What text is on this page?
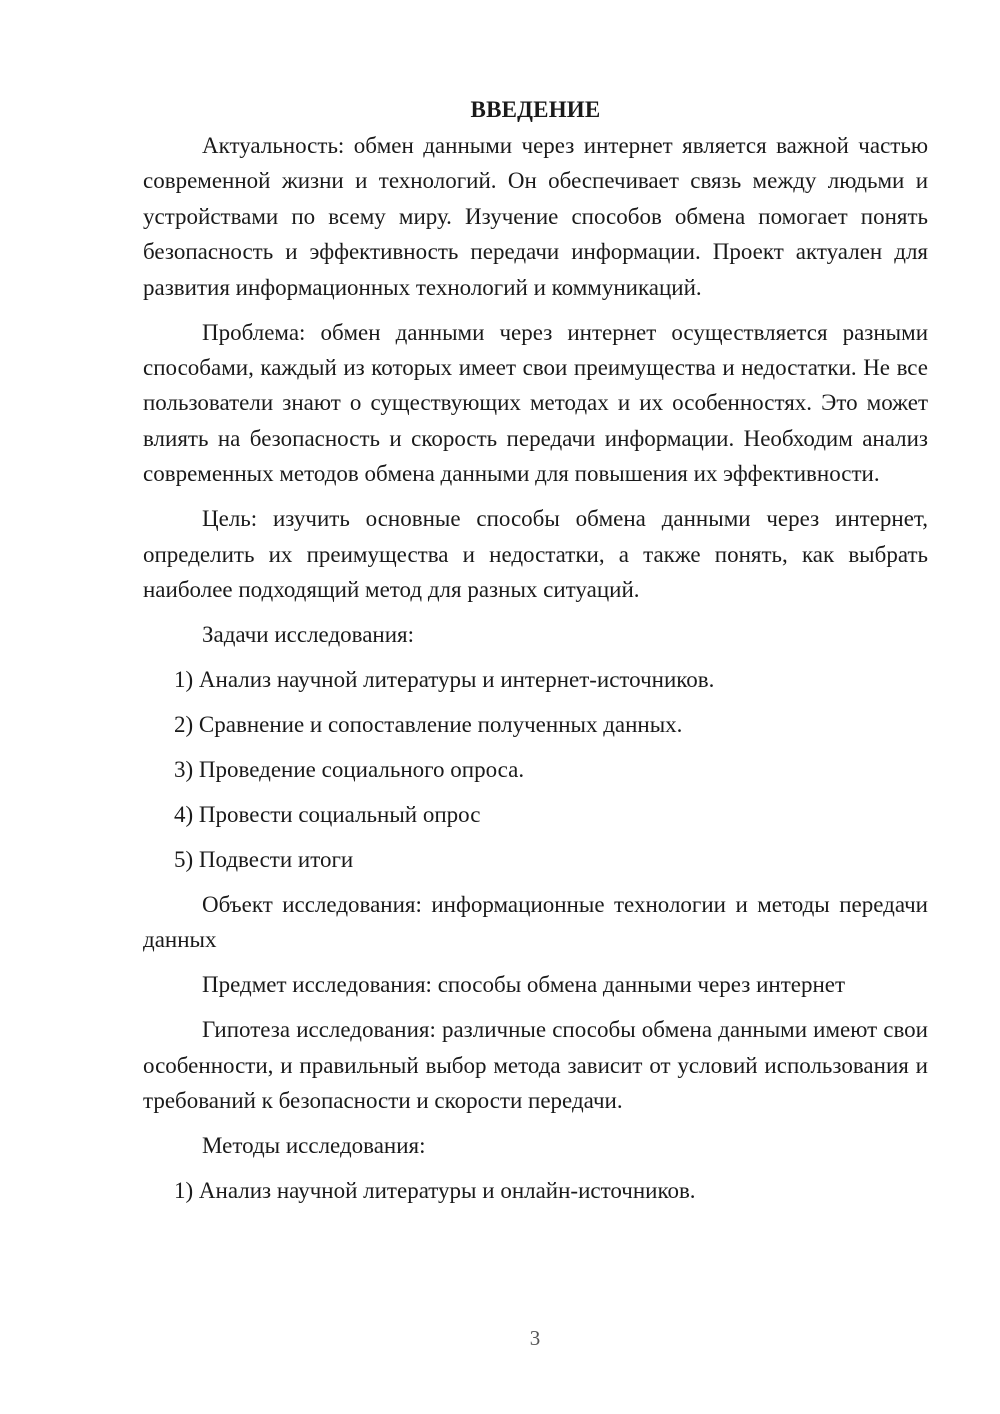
ВВЕДЕНИЕ

Актуальность: обмен данными через интернет является важной частью современной жизни и технологий. Он обеспечивает связь между людьми и устройствами по всему миру. Изучение способов обмена помогает понять безопасность и эффективность передачи информации. Проект актуален для развития информационных технологий и коммуникаций.

Проблема: обмен данными через интернет осуществляется разными способами, каждый из которых имеет свои преимущества и недостатки. Не все пользователи знают о существующих методах и их особенностях. Это может влиять на безопасность и скорость передачи информации. Необходим анализ современных методов обмена данными для повышения их эффективности.

Цель: изучить основные способы обмена данными через интернет, определить их преимущества и недостатки, а также понять, как выбрать наиболее подходящий метод для разных ситуаций.

Задачи исследования:

1) Анализ научной литературы и интернет-источников.
2) Сравнение и сопоставление полученных данных.
3) Проведение социального опроса.
4) Провести социальный опрос
5) Подвести итоги

Объект исследования: информационные технологии и методы передачи данных

Предмет исследования: способы обмена данными через интернет

Гипотеза исследования: различные способы обмена данными имеют свои особенности, и правильный выбор метода зависит от условий использования и требований к безопасности и скорости передачи.

Методы исследования:

1) Анализ научной литературы и онлайн-источников.
3
